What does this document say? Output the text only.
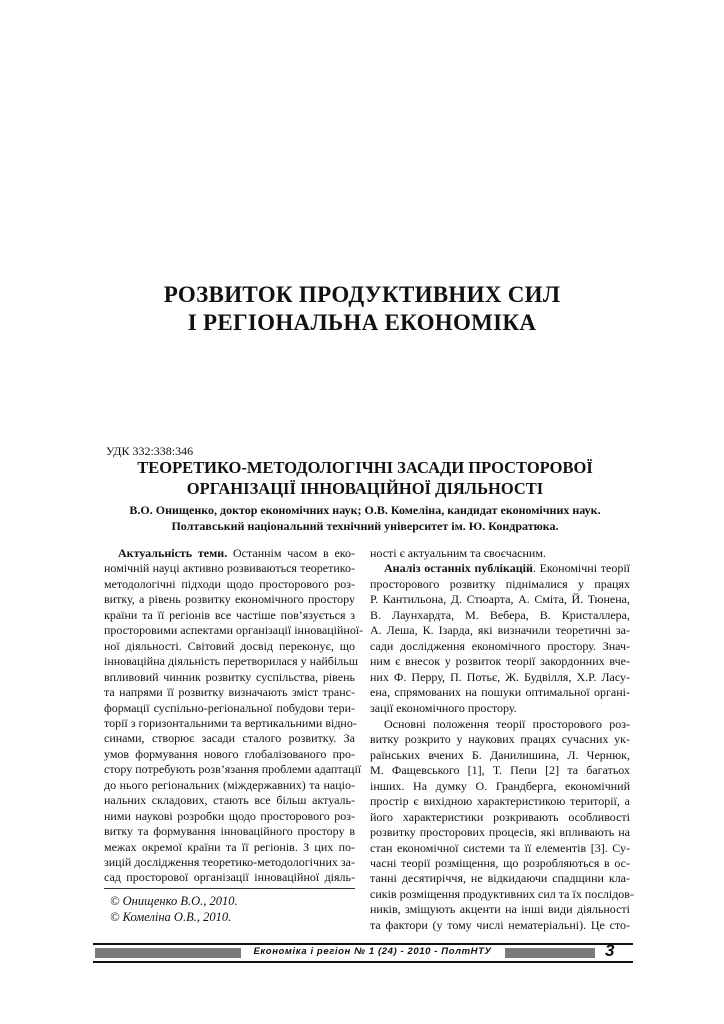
РОЗВИТОК ПРОДУКТИВНИХ СИЛ
І РЕГІОНАЛЬНА ЕКОНОМІКА
УДК 332:338:346
ТЕОРЕТИКО-МЕТОДОЛОГІЧНІ ЗАСАДИ ПРОСТОРОВОЇ
ОРГАНІЗАЦІЇ ІННОВАЦІЙНОЇ ДІЯЛЬНОСТІ
В.О. Онищенко, доктор економічних наук; О.В. Комеліна, кандидат економічних наук.
Полтавський національний технічний університет ім. Ю. Кондратюка.
Актуальність теми. Останнім часом в еко-
номічній науці активно розвиваються теоретико-
методологічні підходи щодо просторового роз-
витку, а рівень розвитку економічного простору
країни та її регіонів все частіше пов’язується з
просторовими аспектами організації інноваційної-
ної діяльності. Світовий досвід переконує, що
інноваційна діяльність перетворилася у найбільш
впливовий чинник розвитку суспільства, рівень
та напрями її розвитку визначають зміст транс-
формації суспільно-регіональної побудови тери-
торії з горизонтальними та вертикальними відно-
синами, створює засади сталого розвитку. За
умов формування нового глобалізованого про-
стору потребують розв’язання проблеми адаптації
до нього регіональних (міждержавних) та націо-
нальних складових, стають все більш актуаль-
ними наукові розробки щодо просторового роз-
витку та формування інноваційного простору в
межах окремої країни та її регіонів. З цих по-
зицій дослідження теоретико-методологічних за-
сад просторової організації інноваційної діяль-
ності є актуальним та своєчасним.
Аналіз останніх публікацій. Економічні теорії
просторового розвитку піднімалися у працях
Р. Кантильона, Д. Стюарта, А. Сміта, Й. Тюнена,
В. Лаунхардта, М. Вебера, В. Кристаллера,
А. Леша, К. Ізарда, які визначили теоретичні за-
сади дослідження економічного простору. Знач-
ним є внесок у розвиток теорії закордонних вче-
них Ф. Перру, П. Потьє, Ж. Будвілля, Х.Р. Ласу-
ена, спрямованих на пошуки оптимальної органі-
зації економічного простору.
Основні положення теорії просторового роз-
витку розкрито у наукових працях сучасних ук-
раїнських вчених Б. Данилишина, Л. Чернюк,
М. Фащевського [1], Т. Пепи [2] та багатьох
інших. На думку О. Грандберга, економічний
простір є вихідною характеристикою території, а
його характеристики розкривають особливості
розвитку просторових процесів, які впливають на
стан економічної системи та її елементів [3]. Су-
часні теорії розміщення, що розробляються в ос-
танні десятиріччя, не відкидаючи спадщини кла-
сиків розміщення продуктивних сил та їх послідов-
ників, зміщують акценти на інші види діяльності
та фактори (у тому числі нематеріальні). Це сто-
© Онищенко В.О., 2010.
© Комеліна О.В., 2010.
Економіка і регіон № 1 (24) - 2010 - ПолтНТУ	3
